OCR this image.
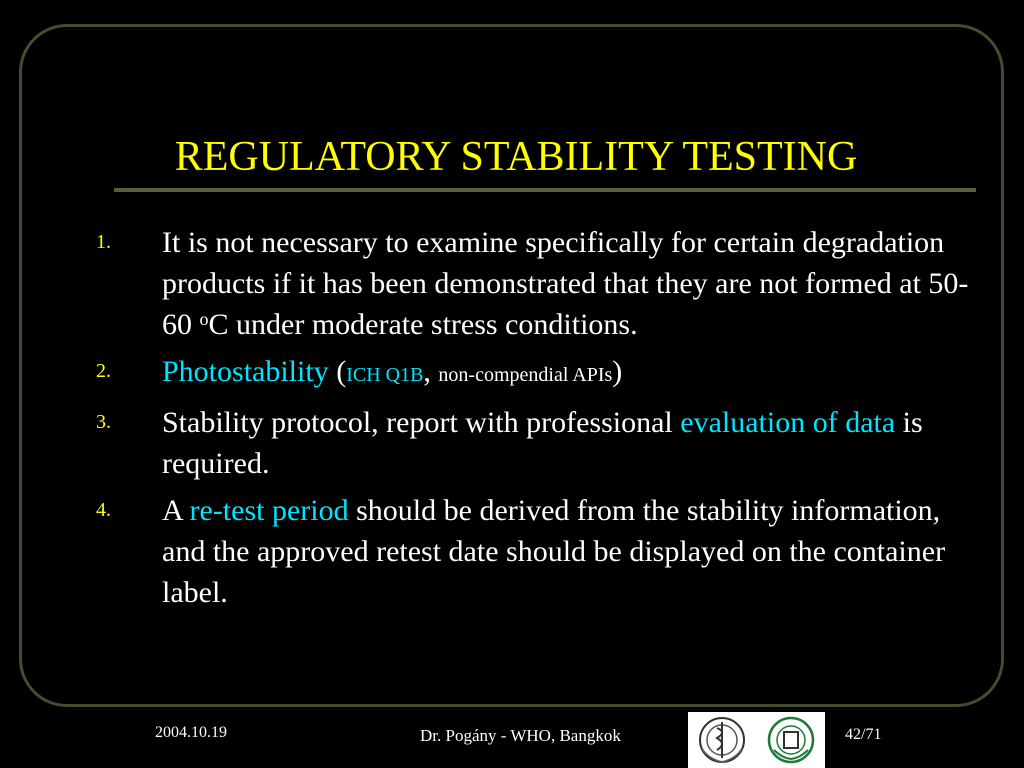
REGULATORY STABILITY TESTING
1. It is not necessary to examine specifically for certain degradation products if it has been demonstrated that they are not formed at 50-60 $^o$C under moderate stress conditions.
2. Photostability (ICH Q1B, non-compendial APIs)
3. Stability protocol, report with professional evaluation of data is required.
4. A re-test period should be derived from the stability information, and the approved retest date should be displayed on the container label.
2004.10.19	Dr. Pogány - WHO, Bangkok	42/71
